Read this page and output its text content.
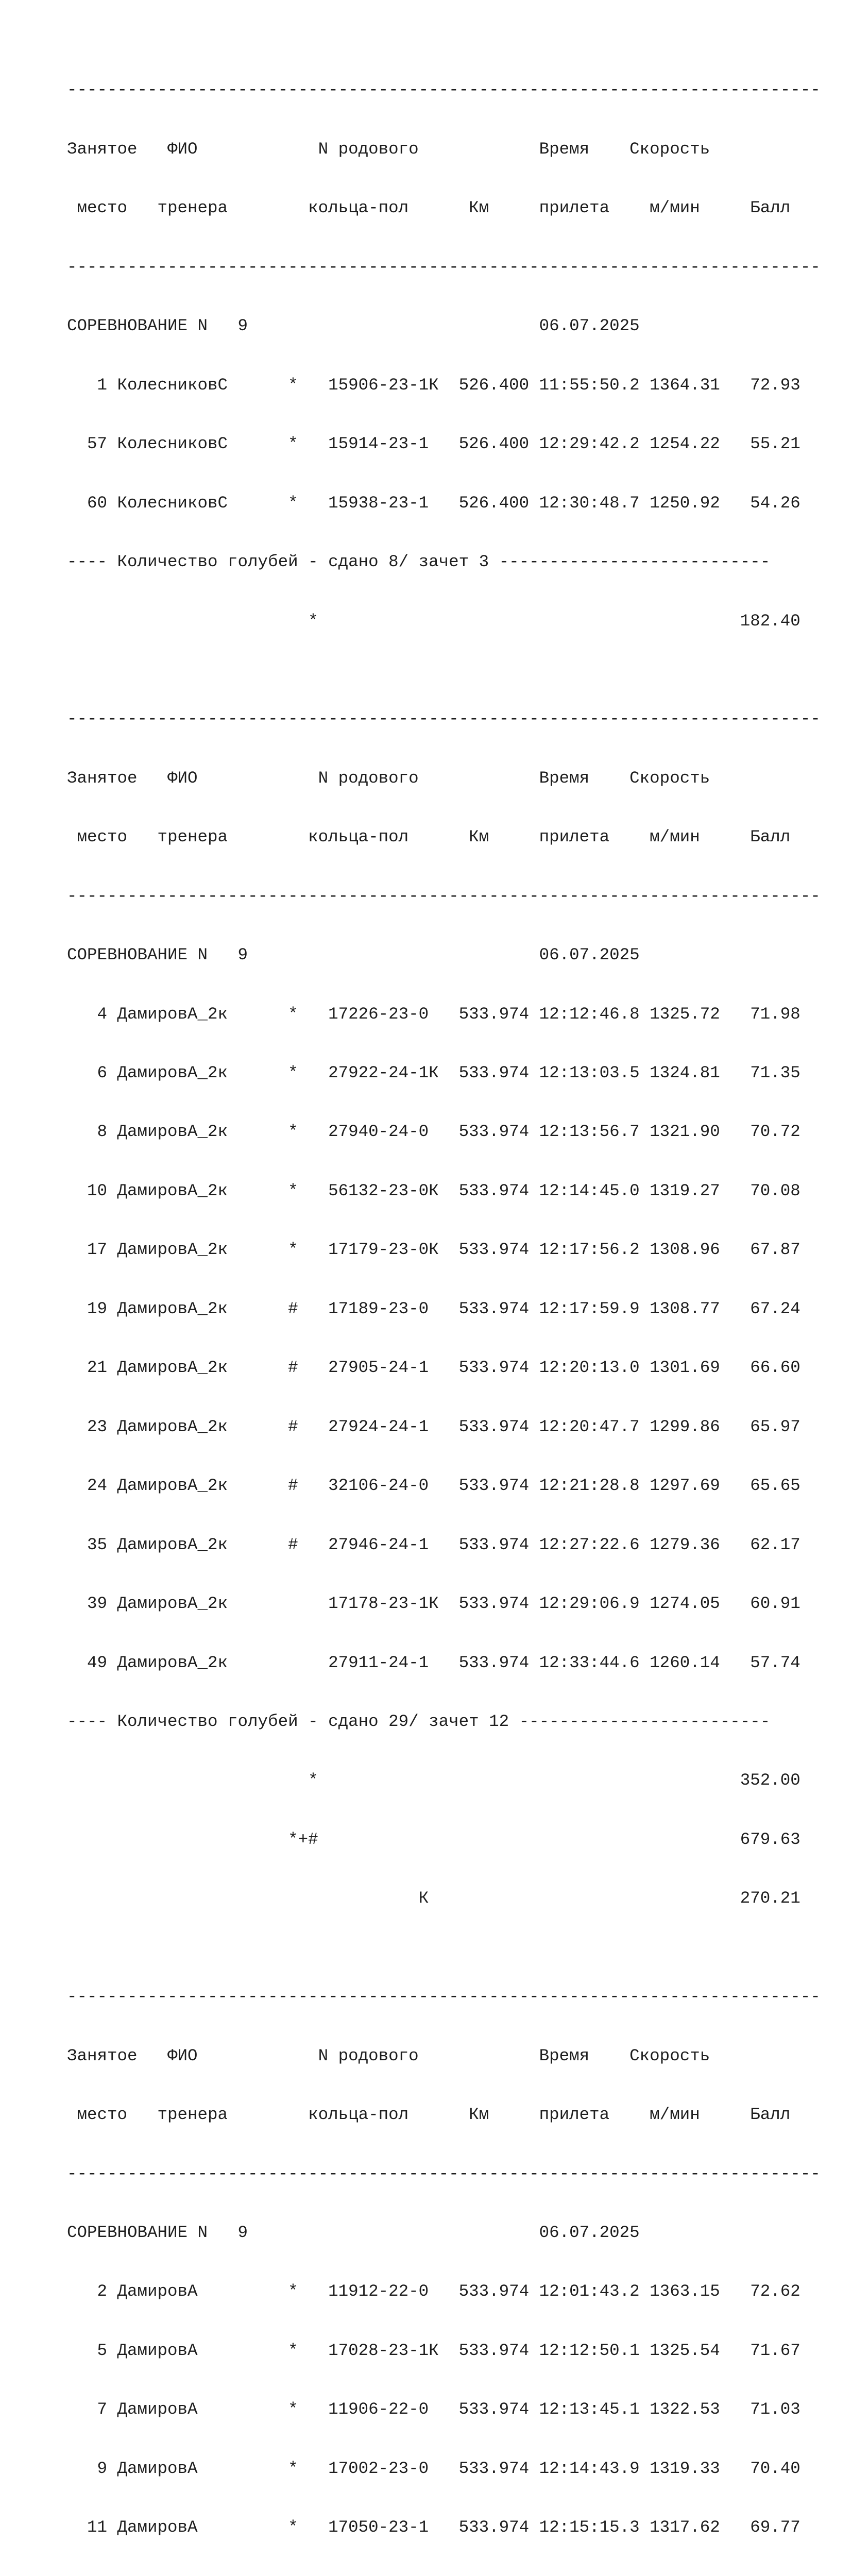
---------------------------------------------------------------------------

Занятое   ФИО            N родового            Время    Скорость

место   тренера        кольца-пол      Км     прилета    м/мин     Балл

---------------------------------------------------------------------------

СОРЕВНОВАНИЕ N   9                             06.07.2025

1 КолесниковС      *   15906-23-1К  526.400 11:55:50.2 1364.31   72.93

57 КолесниковС      *   15914-23-1   526.400 12:29:42.2 1254.22   55.21

60 КолесниковС      *   15938-23-1   526.400 12:30:48.7 1250.92   54.26

---- Количество голубей - сдано 8/ зачет 3 ---------------------------

*                                          182.40

---------------------------------------------------------------------------

Занятое   ФИО            N родового            Время    Скорость

место   тренера        кольца-пол      Км     прилета    м/мин     Балл

---------------------------------------------------------------------------

СОРЕВНОВАНИЕ N   9                             06.07.2025

4 ДамировА_2к      *   17226-23-0   533.974 12:12:46.8 1325.72   71.98

6 ДамировА_2к      *   27922-24-1К  533.974 12:13:03.5 1324.81   71.35

8 ДамировА_2к      *   27940-24-0   533.974 12:13:56.7 1321.90   70.72

10 ДамировА_2к      *   56132-23-0К  533.974 12:14:45.0 1319.27   70.08

17 ДамировА_2к      *   17179-23-0К  533.974 12:17:56.2 1308.96   67.87

19 ДамировА_2к      #   17189-23-0   533.974 12:17:59.9 1308.77   67.24

21 ДамировА_2к      #   27905-24-1   533.974 12:20:13.0 1301.69   66.60

23 ДамировА_2к      #   27924-24-1   533.974 12:20:47.7 1299.86   65.97

24 ДамировА_2к      #   32106-24-0   533.974 12:21:28.8 1297.69   65.65

35 ДамировА_2к      #   27946-24-1   533.974 12:27:22.6 1279.36   62.17

39 ДамировА_2к          17178-23-1К  533.974 12:29:06.9 1274.05   60.91

49 ДамировА_2к          27911-24-1   533.974 12:33:44.6 1260.14   57.74

---- Количество голубей - сдано 29/ зачет 12 -------------------------

*                                          352.00

*+#                                          679.63

К                               270.21

---------------------------------------------------------------------------

Занятое   ФИО            N родового            Время    Скорость

место   тренера        кольца-пол      Км     прилета    м/мин     Балл

---------------------------------------------------------------------------

СОРЕВНОВАНИЕ N   9                             06.07.2025

2 ДамировА         *   11912-22-0   533.974 12:01:43.2 1363.15   72.62

5 ДамировА         *   17028-23-1К  533.974 12:12:50.1 1325.54   71.67

7 ДамировА         *   11906-22-0   533.974 12:13:45.1 1322.53   71.03

9 ДамировА         *   17002-23-0   533.974 12:14:43.9 1319.33   70.40

11 ДамировА         *   17050-23-1   533.974 12:15:15.3 1317.62   69.77
